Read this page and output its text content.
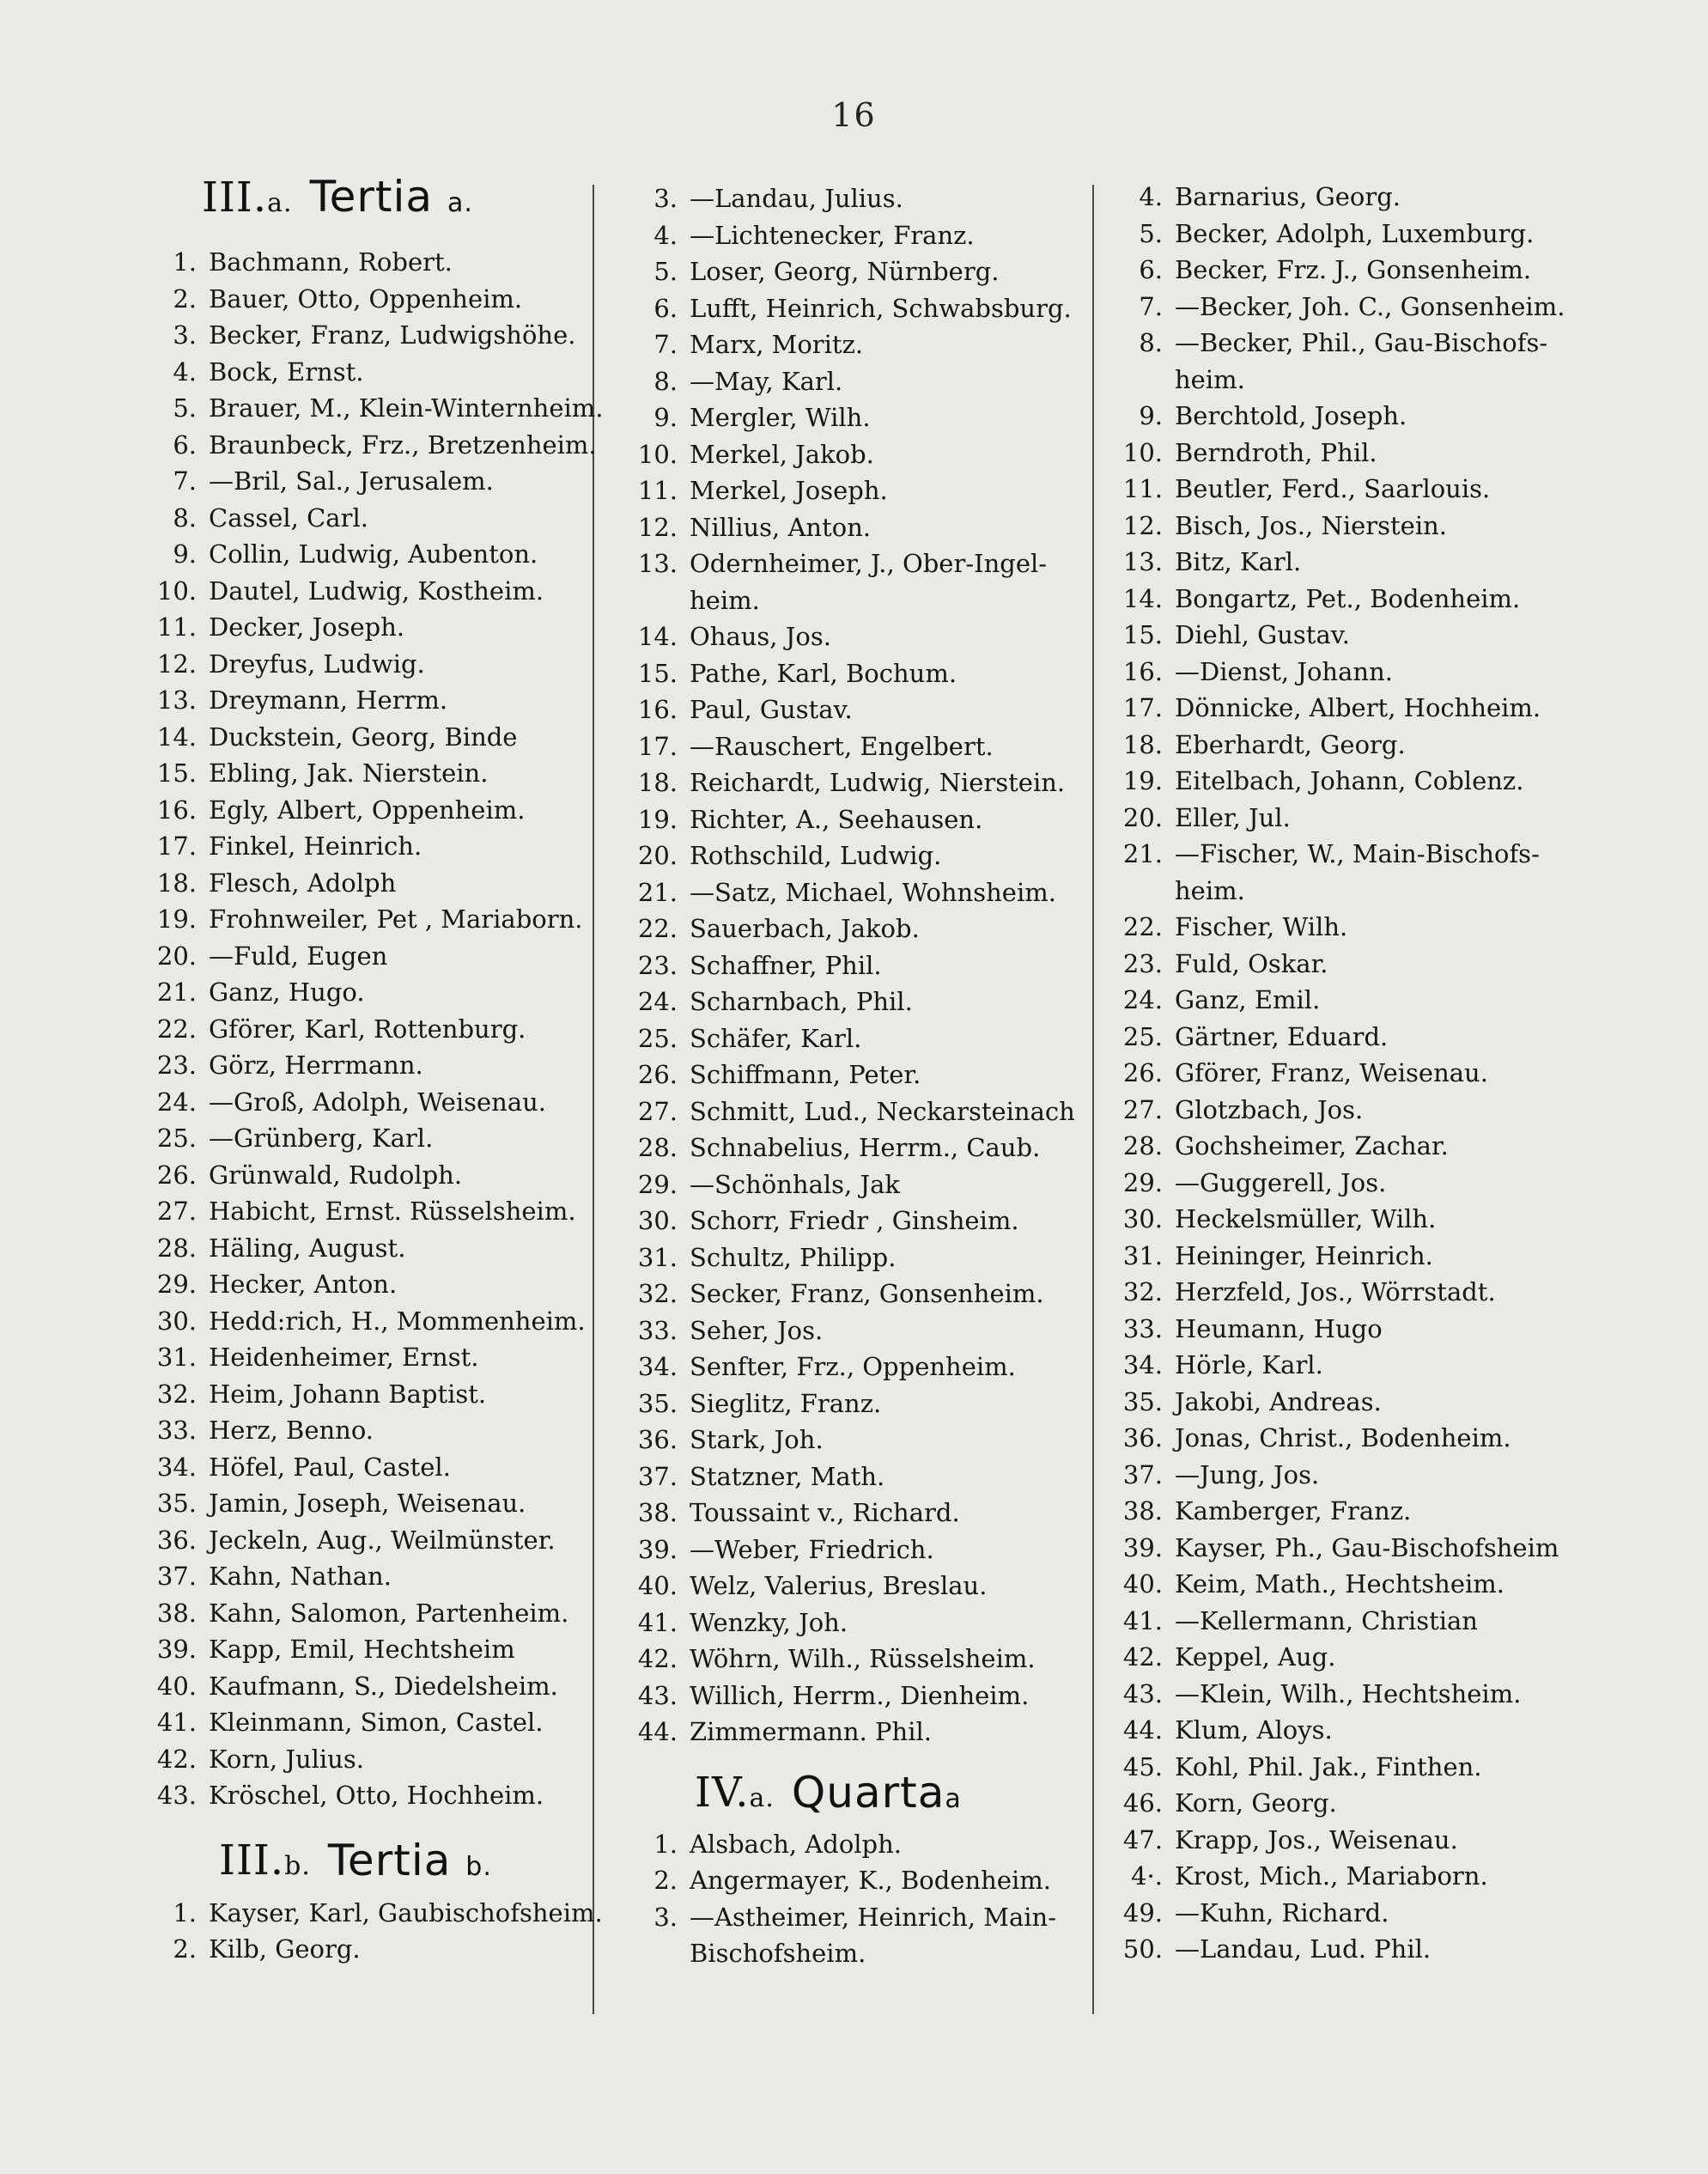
16
III.a. Tertia a.
1. Bachmann, Robert.
2. Bauer, Otto, Oppenheim.
3. Becker, Franz, Ludwigshöhe.
4. Bock, Ernst.
5. Brauer, M., Klein-Winternheim.
6. Braunbeck, Frz., Bretzenheim.
7. —Bril, Sal., Jerusalem.
8. Cassel, Carl.
9. Collin, Ludwig, Aubenton.
10. Dautel, Ludwig, Kostheim.
11. Decker, Joseph.
12. Dreyfus, Ludwig.
13. Dreymann, Herrm.
14. Duckstein, Georg, Binde
15. Ebling, Jak. Nierstein.
16. Egly, Albert, Oppenheim.
17. Finkel, Heinrich.
18. Flesch, Adolph
19. Frohnweiler, Pet , Mariaborn.
20. —Fuld, Eugen
21. Ganz, Hugo.
22. Gförer, Karl, Rottenburg.
23. Görz, Herrmann.
24. —Groß, Adolph, Weisenau.
25. —Grünberg, Karl.
26. Grünwald, Rudolph.
27. Habicht, Ernst. Rüsselsheim.
28. Häling, August.
29. Hecker, Anton.
30. Hedd:rich, H., Mommenheim.
31. Heidenheimer, Ernst.
32. Heim, Johann Baptist.
33. Herz, Benno.
34. Höfel, Paul, Castel.
35. Jamin, Joseph, Weisenau.
36. Jeckeln, Aug., Weilmünster.
37. Kahn, Nathan.
38. Kahn, Salomon, Partenheim.
39. Kapp, Emil, Hechtsheim
40. Kaufmann, S., Diedelsheim.
41. Kleinmann, Simon, Castel.
42. Korn, Julius.
43. Kröschel, Otto, Hochheim.
III.b. Tertia b.
1. Kayser, Karl, Gaubischofsheim.
2. Kilb, Georg.
3. —Landau, Julius.
4. —Lichtenecker, Franz.
5. Loser, Georg, Nürnberg.
6. Lufft, Heinrich, Schwabsburg.
7. Marx, Moritz.
8. —May, Karl.
9. Mergler, Wilh.
10. Merkel, Jakob.
11. Merkel, Joseph.
12. Nillius, Anton.
13. Odernheimer, J., Ober-Ingel-
heim.
14. Ohaus, Jos.
15. Pathe, Karl, Bochum.
16. Paul, Gustav.
17. —Rauschert, Engelbert.
18. Reichardt, Ludwig, Nierstein.
19. Richter, A., Seehausen.
20. Rothschild, Ludwig.
21. —Satz, Michael, Wohnsheim.
22. Sauerbach, Jakob.
23. Schaffner, Phil.
24. Scharnbach, Phil.
25. Schäfer, Karl.
26. Schiffmann, Peter.
27. Schmitt, Lud., Neckarsteinach
28. Schnabelius, Herrm., Caub.
29. —Schönhals, Jak
30. Schorr, Friedr , Ginsheim.
31. Schultz, Philipp.
32. Secker, Franz, Gonsenheim.
33. Seher, Jos.
34. Senfter, Frz., Oppenheim.
35. Sieglitz, Franz.
36. Stark, Joh.
37. Statzner, Math.
38. Toussaint v., Richard.
39. —Weber, Friedrich.
40. Welz, Valerius, Breslau.
41. Wenzky, Joh.
42. Wöhrn, Wilh., Rüsselsheim.
43. Willich, Herrm., Dienheim.
44. Zimmermann. Phil.
IV.a. Quartaa
1. Alsbach, Adolph.
2. Angermayer, K., Bodenheim.
3. —Astheimer, Heinrich, Main-
Bischofsheim.
4. Barnarius, Georg.
5. Becker, Adolph, Luxemburg.
6. Becker, Frz. J., Gonsenheim.
7. —Becker, Joh. C., Gonsenheim.
8. —Becker, Phil., Gau-Bischofs-
heim.
9. Berchtold, Joseph.
10. Berndroth, Phil.
11. Beutler, Ferd., Saarlouis.
12. Bisch, Jos., Nierstein.
13. Bitz, Karl.
14. Bongartz, Pet., Bodenheim.
15. Diehl, Gustav.
16. —Dienst, Johann.
17. Dönnicke, Albert, Hochheim.
18. Eberhardt, Georg.
19. Eitelbach, Johann, Coblenz.
20. Eller, Jul.
21. —Fischer, W., Main-Bischofs-
heim.
22. Fischer, Wilh.
23. Fuld, Oskar.
24. Ganz, Emil.
25. Gärtner, Eduard.
26. Gförer, Franz, Weisenau.
27. Glotzbach, Jos.
28. Gochsheimer, Zachar.
29. —Guggerell, Jos.
30. Heckelsmüller, Wilh.
31. Heininger, Heinrich.
32. Herzfeld, Jos., Wörrstadt.
33. Heumann, Hugo
34. Hörle, Karl.
35. Jakobi, Andreas.
36. Jonas, Christ., Bodenheim.
37. —Jung, Jos.
38. Kamberger, Franz.
39. Kayser, Ph., Gau-Bischofsheim
40. Keim, Math., Hechtsheim.
41. —Kellermann, Christian
42. Keppel, Aug.
43. —Klein, Wilh., Hechtsheim.
44. Klum, Aloys.
45. Kohl, Phil. Jak., Finthen.
46. Korn, Georg.
47. Krapp, Jos., Weisenau.
4·. Krost, Mich., Mariaborn.
49. —Kuhn, Richard.
50. —Landau, Lud. Phil.
